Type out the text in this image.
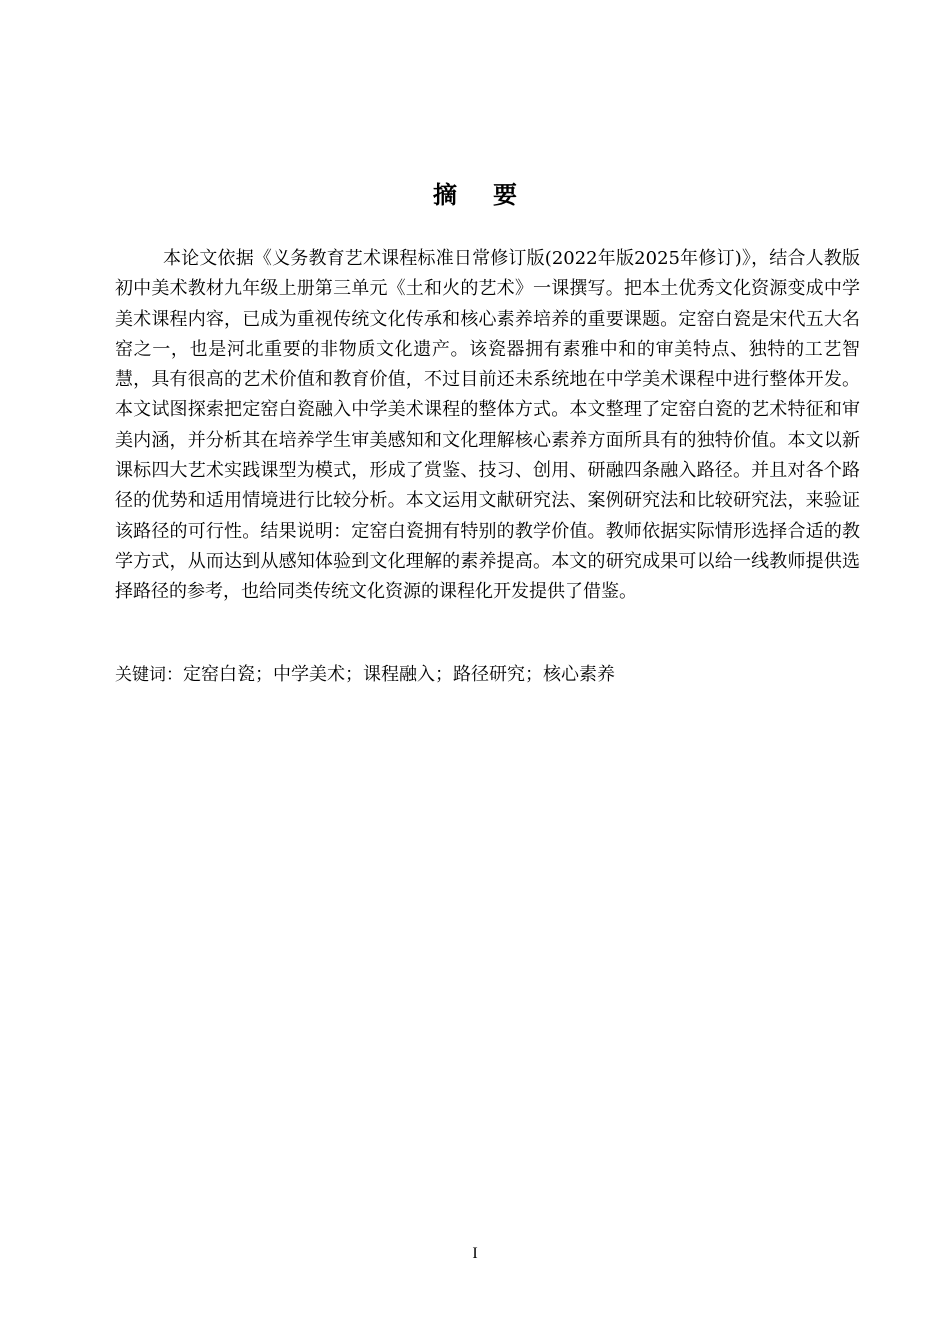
摘要

本论文依据《义务教育艺术课程标准日常修订版(2022年版2025年修订)》，结合人教版初中美术教材九年级上册第三单元《土和火的艺术》一课撰写。把本土优秀文化资源变成中学美术课程内容，已成为重视传统文化传承和核心素养培养的重要课题。定窑白瓷是宋代五大名窑之一，也是河北重要的非物质文化遗产。该瓷器拥有素雅中和的审美特点、独特的工艺智慧，具有很高的艺术价值和教育价值，不过目前还未系统地在中学美术课程中进行整体开发。本文试图探索把定窑白瓷融入中学美术课程的整体方式。本文整理了定窑白瓷的艺术特征和审美内涵，并分析其在培养学生审美感知和文化理解核心素养方面所具有的独特价值。本文以新课标四大艺术实践课型为模式，形成了赏鉴、技习、创用、研融四条融入路径。并且对各个路径的优势和适用情境进行比较分析。本文运用文献研究法、案例研究法和比较研究法，来验证该路径的可行性。结果说明：定窑白瓷拥有特别的教学价值。教师依据实际情形选择合适的教学方式，从而达到从感知体验到文化理解的素养提高。本文的研究成果可以给一线教师提供选择路径的参考，也给同类传统文化资源的课程化开发提供了借鉴。

关键词：定窑白瓷；中学美术；课程融入；路径研究；核心素养

I
